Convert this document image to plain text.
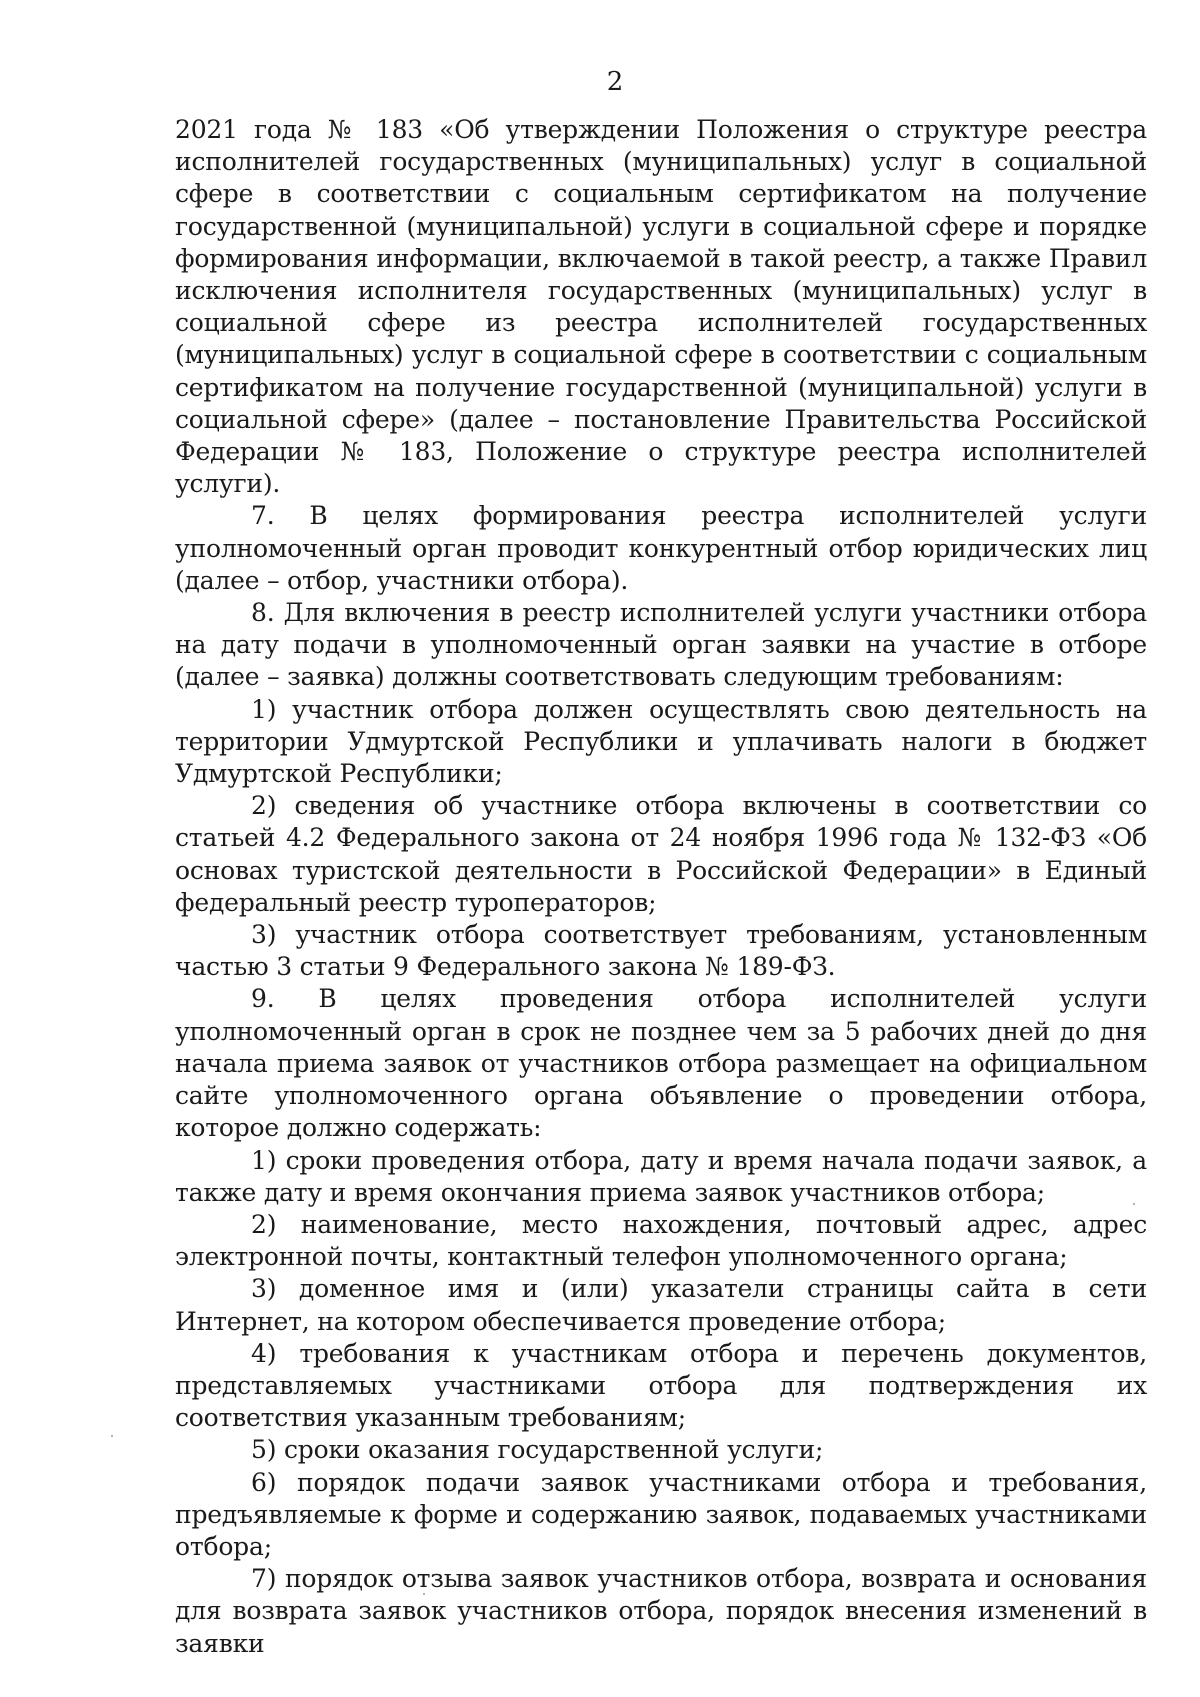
2

2021 года № 183 «Об утверждении Положения о структуре реестра исполнителей государственных (муниципальных) услуг в социальной сфере в соответствии с социальным сертификатом на получение государственной (муниципальной) услуги в социальной сфере и порядке формирования информации, включаемой в такой реестр, а также Правил исключения исполнителя государственных (муниципальных) услуг в социальной сфере из реестра исполнителей государственных (муниципальных) услуг в социальной сфере в соответствии с социальным сертификатом на получение государственной (муниципальной) услуги в социальной сфере» (далее – постановление Правительства Российской Федерации № 183, Положение о структуре реестра исполнителей услуги).

7. В целях формирования реестра исполнителей услуги уполномоченный орган проводит конкурентный отбор юридических лиц (далее – отбор, участники отбора).

8. Для включения в реестр исполнителей услуги участники отбора на дату подачи в уполномоченный орган заявки на участие в отборе (далее – заявка) должны соответствовать следующим требованиям:

1) участник отбора должен осуществлять свою деятельность на территории Удмуртской Республики и уплачивать налоги в бюджет Удмуртской Республики;

2) сведения об участнике отбора включены в соответствии со статьей 4.2 Федерального закона от 24 ноября 1996 года № 132-ФЗ «Об основах туристской деятельности в Российской Федерации» в Единый федеральный реестр туроператоров;

3) участник отбора соответствует требованиям, установленным частью 3 статьи 9 Федерального закона № 189-ФЗ.

9. В целях проведения отбора исполнителей услуги уполномоченный орган в срок не позднее чем за 5 рабочих дней до дня начала приема заявок от участников отбора размещает на официальном сайте уполномоченного органа объявление о проведении отбора, которое должно содержать:

1) сроки проведения отбора, дату и время начала подачи заявок, а также дату и время окончания приема заявок участников отбора;

2) наименование, место нахождения, почтовый адрес, адрес электронной почты, контактный телефон уполномоченного органа;

3) доменное имя и (или) указатели страницы сайта в сети Интернет, на котором обеспечивается проведение отбора;

4) требования к участникам отбора и перечень документов, представляемых участниками отбора для подтверждения их соответствия указанным требованиям;

5) сроки оказания государственной услуги;

6) порядок подачи заявок участниками отбора и требования, предъявляемые к форме и содержанию заявок, подаваемых участниками отбора;

7) порядок отзыва заявок участников отбора, возврата и основания для возврата заявок участников отбора, порядок внесения изменений в заявки
